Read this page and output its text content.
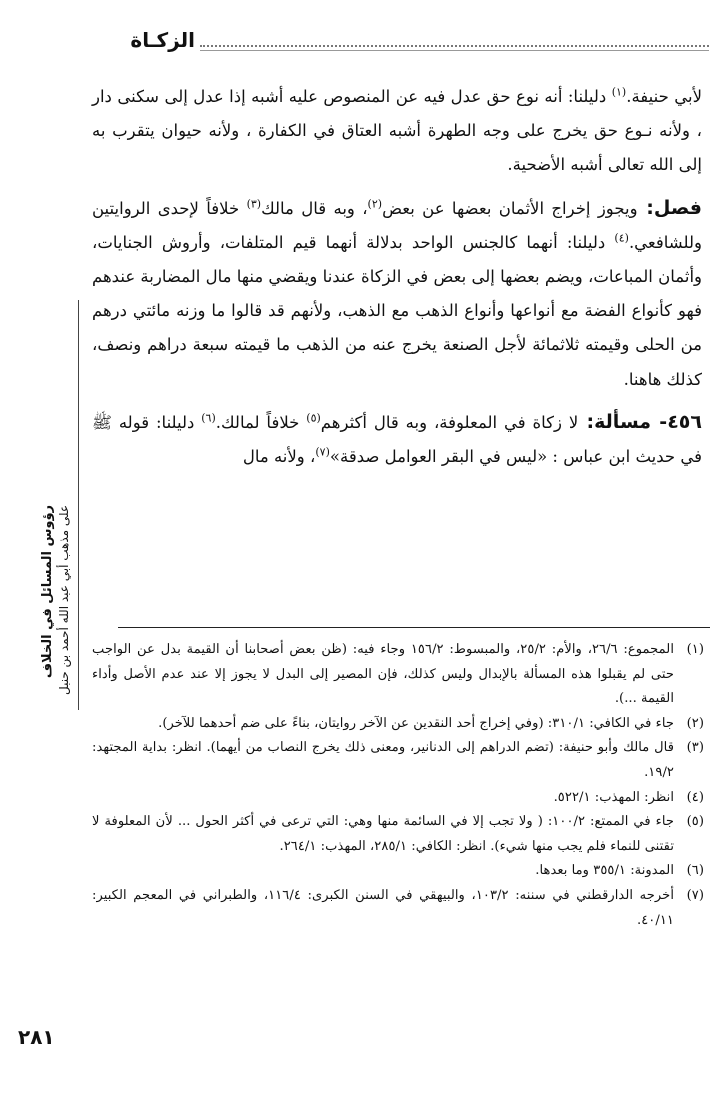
الزكـاة

لأبي حنيفة.$^{(١)}$ دليلنا: أنه نوع حق عدل فيه عن المنصوص عليه أشبه إذا عدل إلى سكنى دار ، ولأنه نـوع حق يخرج على وجه الطهرة أشبه العتاق في الكفارة ، ولأنه حيوان يتقرب به إلى الله تعالى أشبه الأضحية.

فصل: ويجوز إخراج الأثمان بعضها عن بعض$^{(٢)}$، وبه قال مالك$^{(٣)}$ خلافاً لإحدى الروايتين وللشافعي.$^{(٤)}$ دليلنا: أنهما كالجنس الواحد بدلالة أنهما قيم المتلفات، وأروش الجنايات، وأثمان المباعات، ويضم بعضها إلى بعض في الزكاة عندنا ويقضي منها مال المضاربة عندهم فهو كأنواع الفضة مع أنواعها وأنواع الذهب مع الذهب، ولأنهم قد قالوا ما وزنه مائتي درهم من الحلى وقيمته ثلاثمائة لأجل الصنعة يخرج عنه من الذهب ما قيمته سبعة دراهم ونصف، كذلك هاهنا.

٤٥٦- مسألة: لا زكاة في المعلوفة، وبه قال أكثرهم$^{(٥)}$ خلافاً لمالك.$^{(٦)}$ دليلنا: قوله ﷺ في حديث ابن عباس : «ليس في البقر العوامل صدقة»$^{(٧)}$، ولأنه مال

(١)
المجموع: ٢٦/٦، والأم: ٢٥/٢، والمبسوط: ١٥٦/٢ وجاء فيه: (ظن بعض أصحابنا أن القيمة بدل عن الواجب حتى لم يقبلوا هذه المسألة بالإبدال وليس كذلك، فإن المصير إلى البدل لا يجوز إلا عند عدم الأصل وأداء القيمة ...).

(٢)
جاء في الكافي: ٣١٠/١: (وفي إخراج أحد النقدين عن الآخر روايتان، بناءً على ضم أحدهما للآخر).

(٣)
قال مالك وأبو حنيفة: (تضم الدراهم إلى الدنانير، ومعنى ذلك يخرج النصاب من أيهما). انظر: بداية المجتهد: ١٩/٢.

(٤)
انظر: المهذب: ٥٢٢/١.

(٥)
جاء في الممتع: ١٠٠/٢: ( ولا تجب إلا في السائمة منها وهي: التي ترعى في أكثر الحول ... لأن المعلوفة لا تقتنى للنماء فلم يجب منها شيء). انظر: الكافي: ٢٨٥/١، المهذب: ٢٦٤/١.

(٦)
المدونة: ٣٥٥/١ وما بعدها.

(٧)
أخرجه الدارقطني في سننه: ١٠٣/٢، والبيهقي في السنن الكبرى: ١١٦/٤، والطبراني في المعجم الكبير: ٤٠/١١.

رؤوس المسائل في الخلاف على مذهب أبي عبد الله أحمد بن حنبل
٢٨١
